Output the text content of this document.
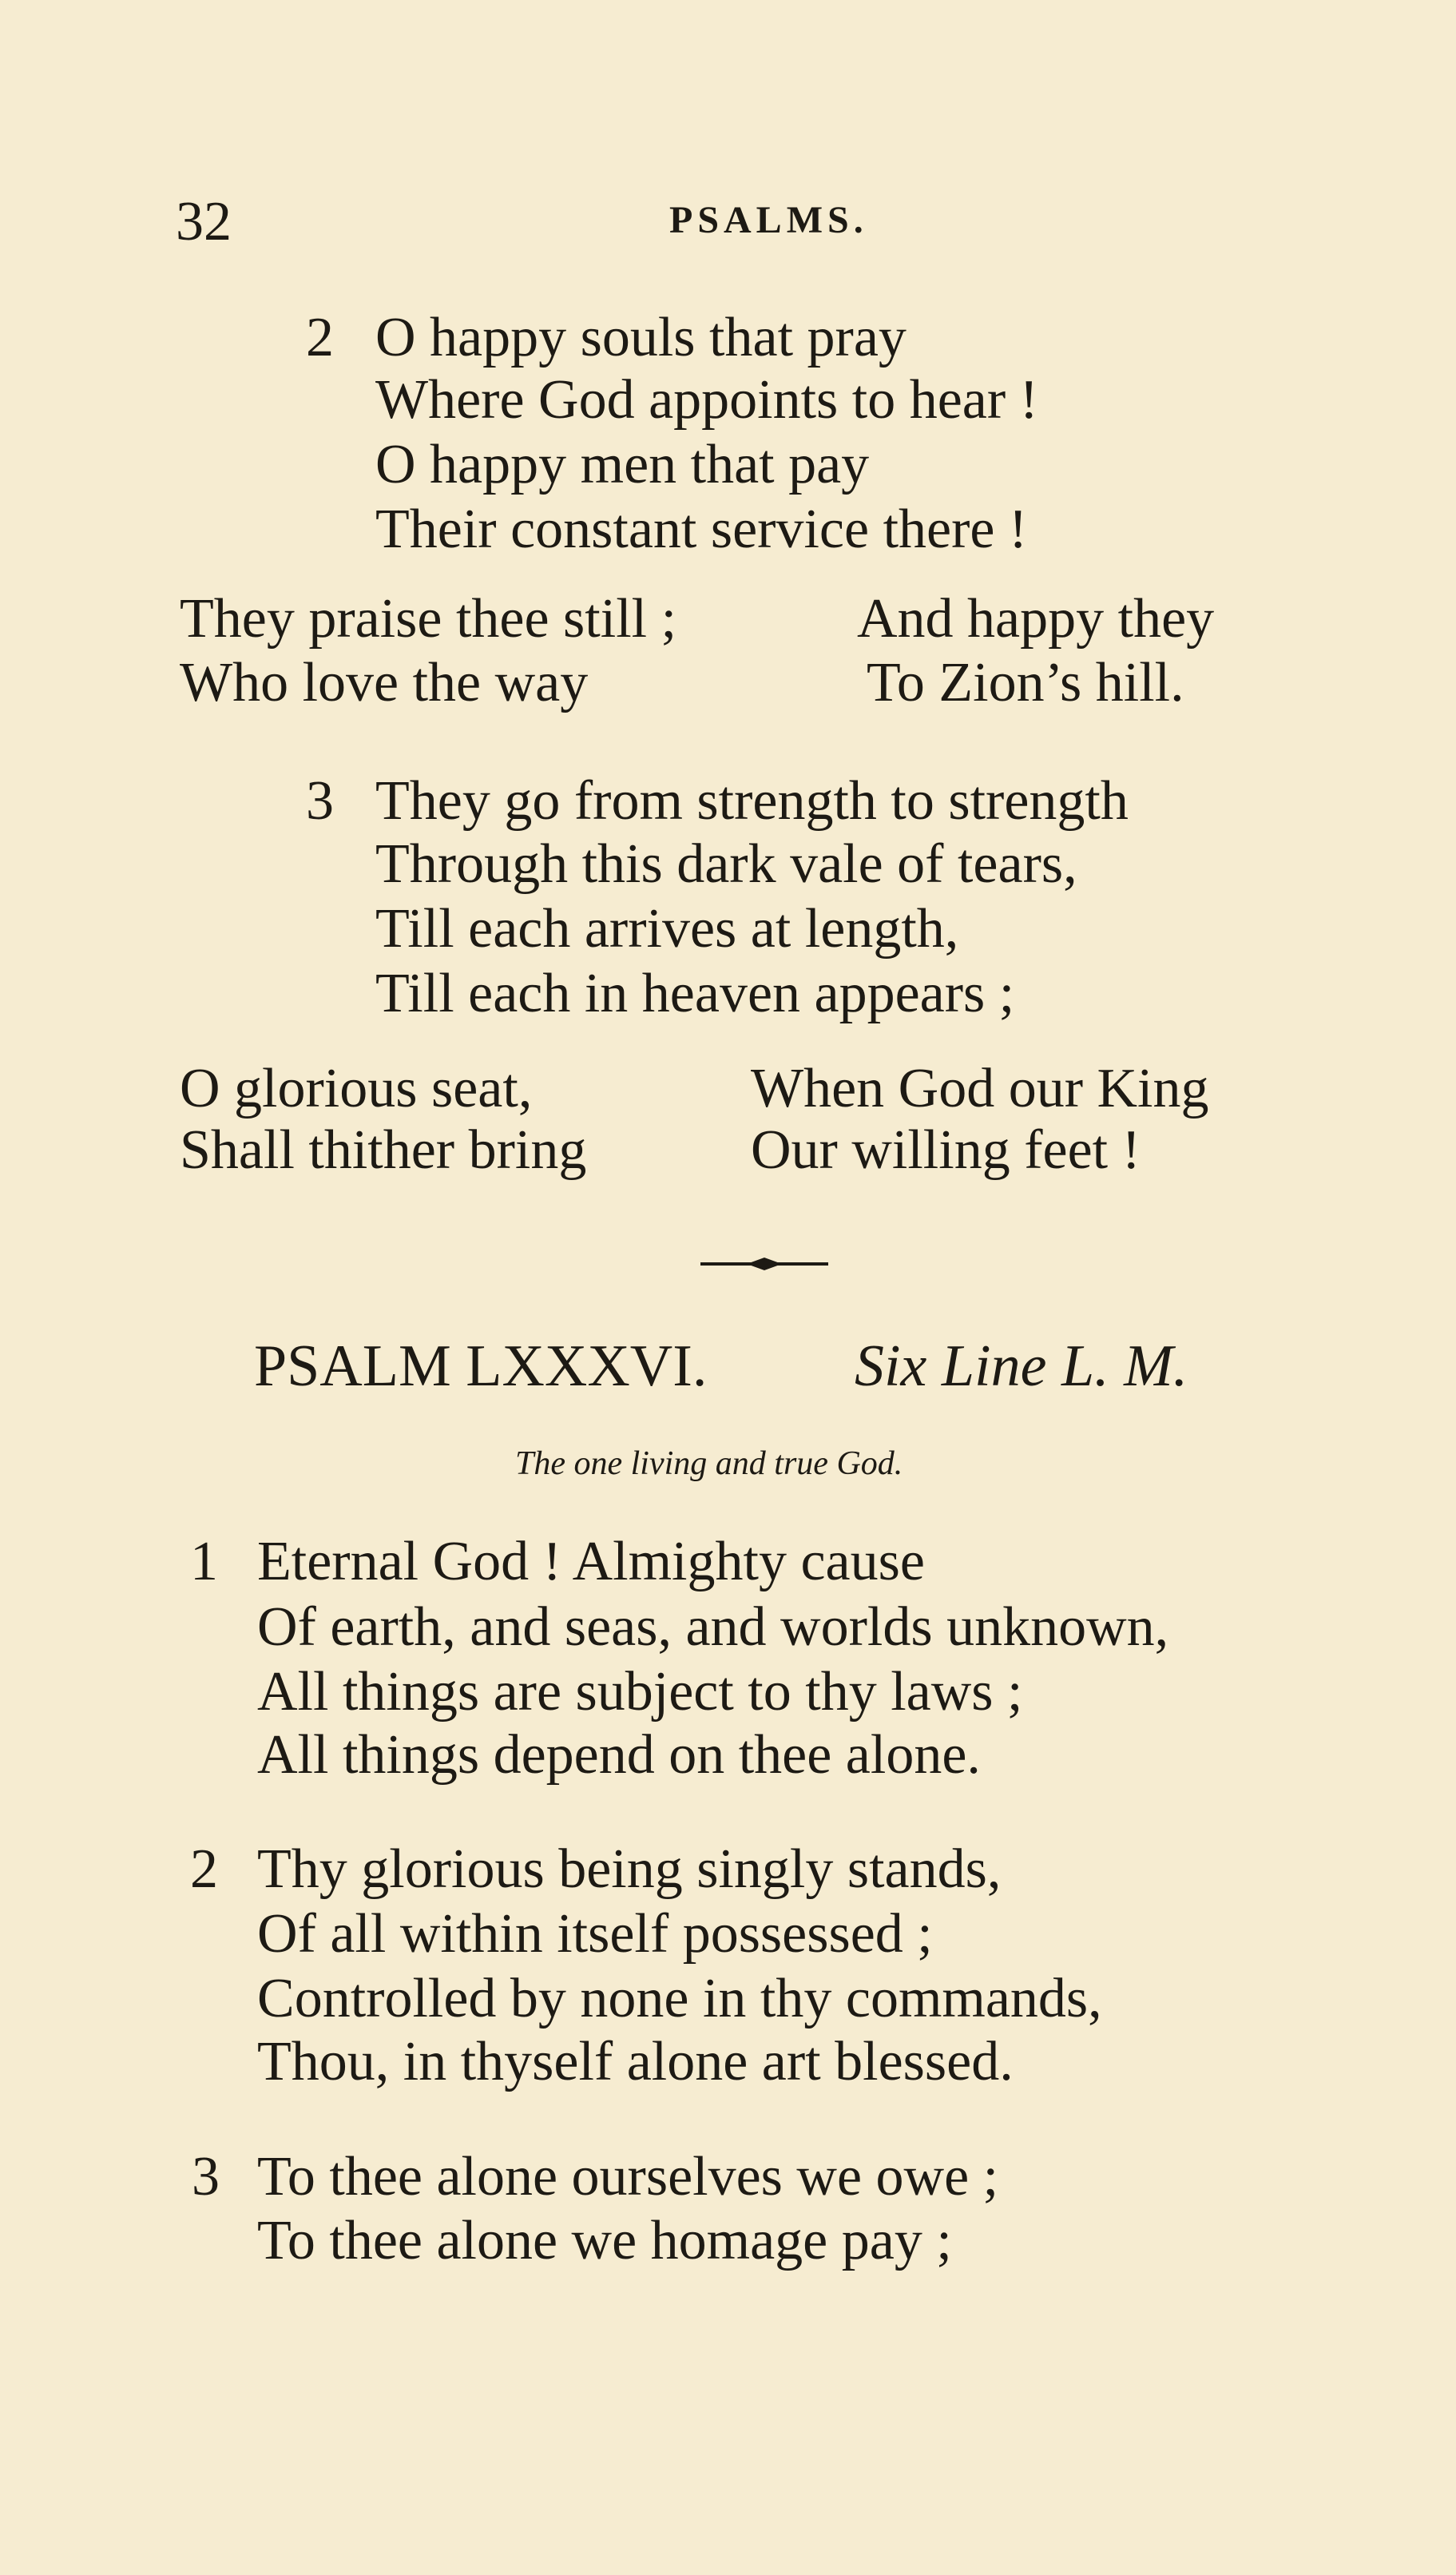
32	PSALMS.
2 O happy souls that pray
Where God appoints to hear !
O happy men that pay
Their constant service there !
They praise thee still ;	And happy they
Who love the way	To Zion’s hill.
3 They go from strength to strength
Through this dark vale of tears,
Till each arrives at length,
Till each in heaven appears ;
O glorious seat,	When God our King
Shall thither bring	Our willing feet !
PSALM LXXXVI. Six Line L. M.
The one living and true God.
1 Eternal God ! Almighty cause
Of earth, and seas, and worlds unknown,
All things are subject to thy laws ;
All things depend on thee alone.
2 Thy glorious being singly stands,
Of all within itself possessed ;
Controlled by none in thy commands,
Thou, in thyself alone art blessed.
3 To thee alone ourselves we owe ;
To thee alone we homage pay ;
